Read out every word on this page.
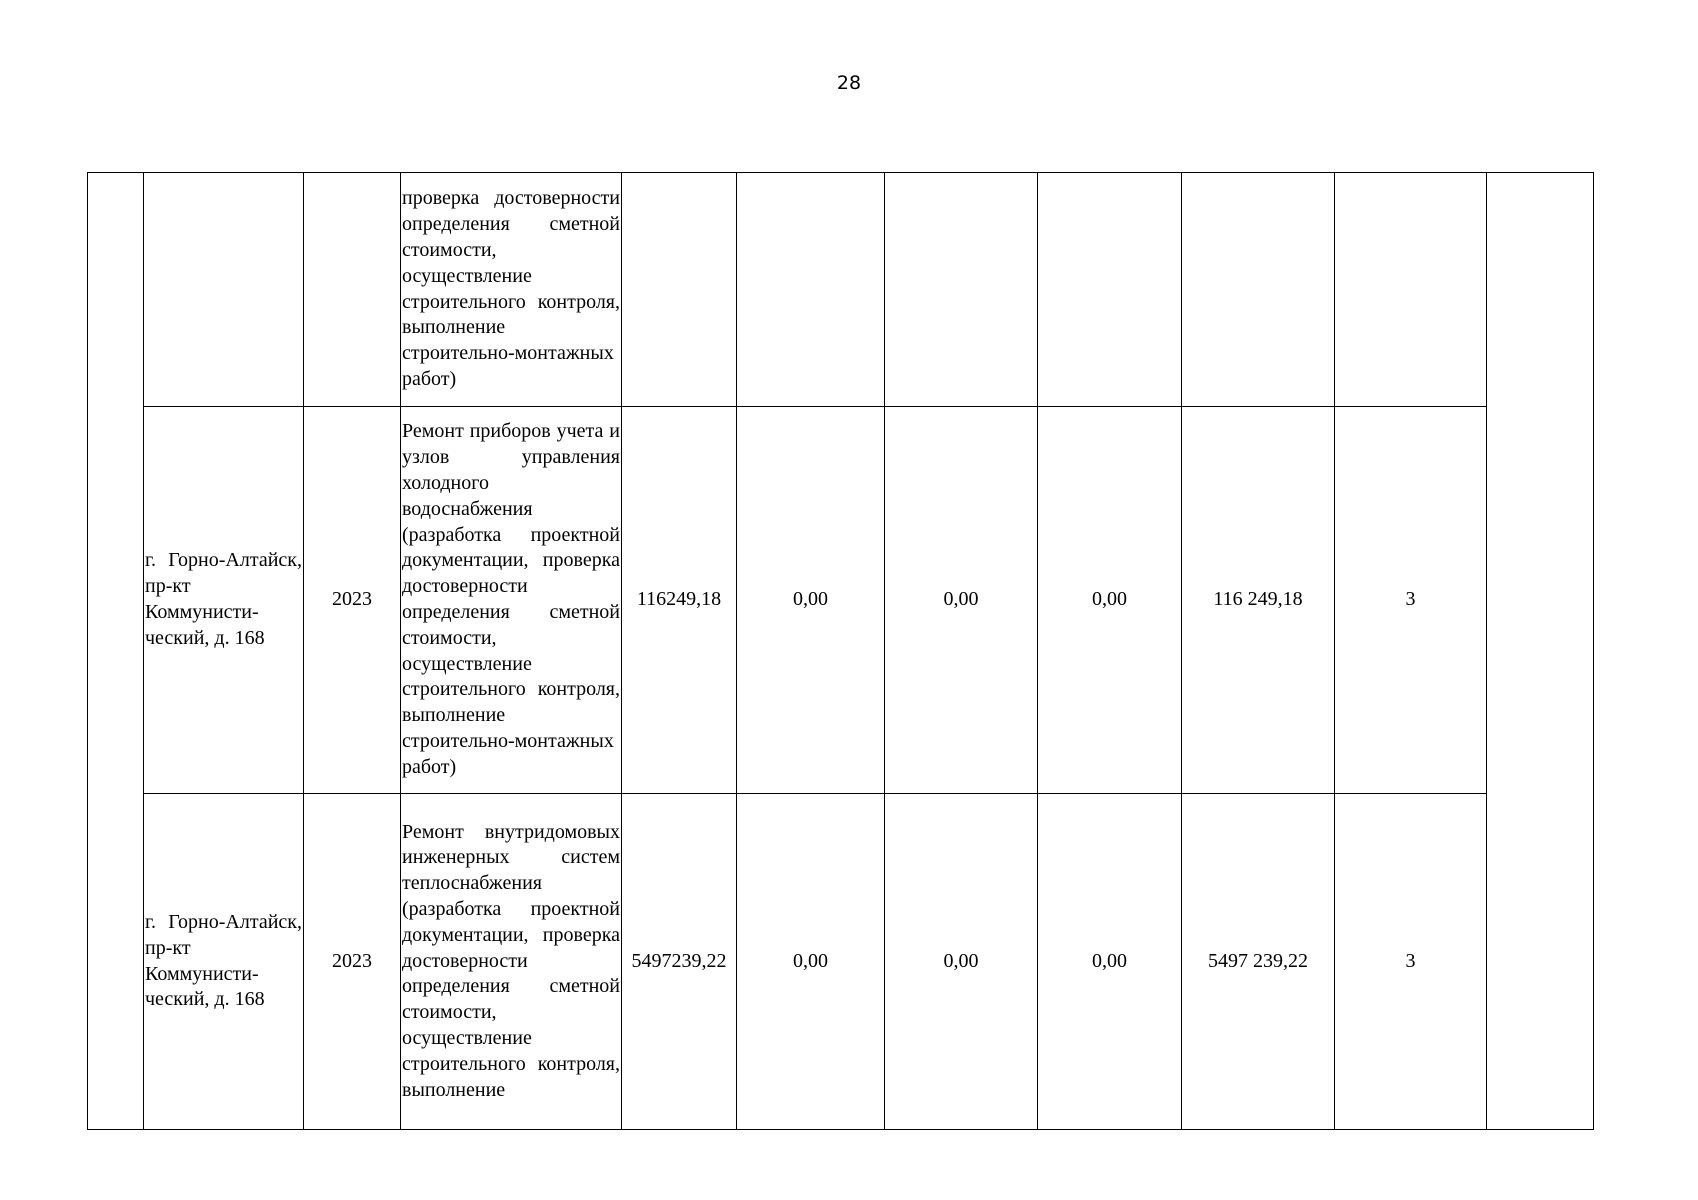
28
			проверка достоверности определения сметной стоимости, осуществление строительного контроля, выполнение строительно-монтажных работ)							
	г. Горно-Алтайск, пр-кт Коммунисти-ческий, д. 168	2023	Ремонт приборов учета и узлов управления холодного водоснабжения (разработка проектной документации, проверка достоверности определения сметной стоимости, осуществление строительного контроля, выполнение строительно-монтажных работ)	116249,18	0,00	0,00	0,00	116 249,18	3	
	г. Горно-Алтайск, пр-кт Коммунисти-ческий, д. 168	2023	Ремонт внутридомовых инженерных систем теплоснабжения (разработка проектной документации, проверка достоверности определения сметной стоимости, осуществление строительного контроля, выполнение	5497239,22	0,00	0,00	0,00	5497 239,22	3	
